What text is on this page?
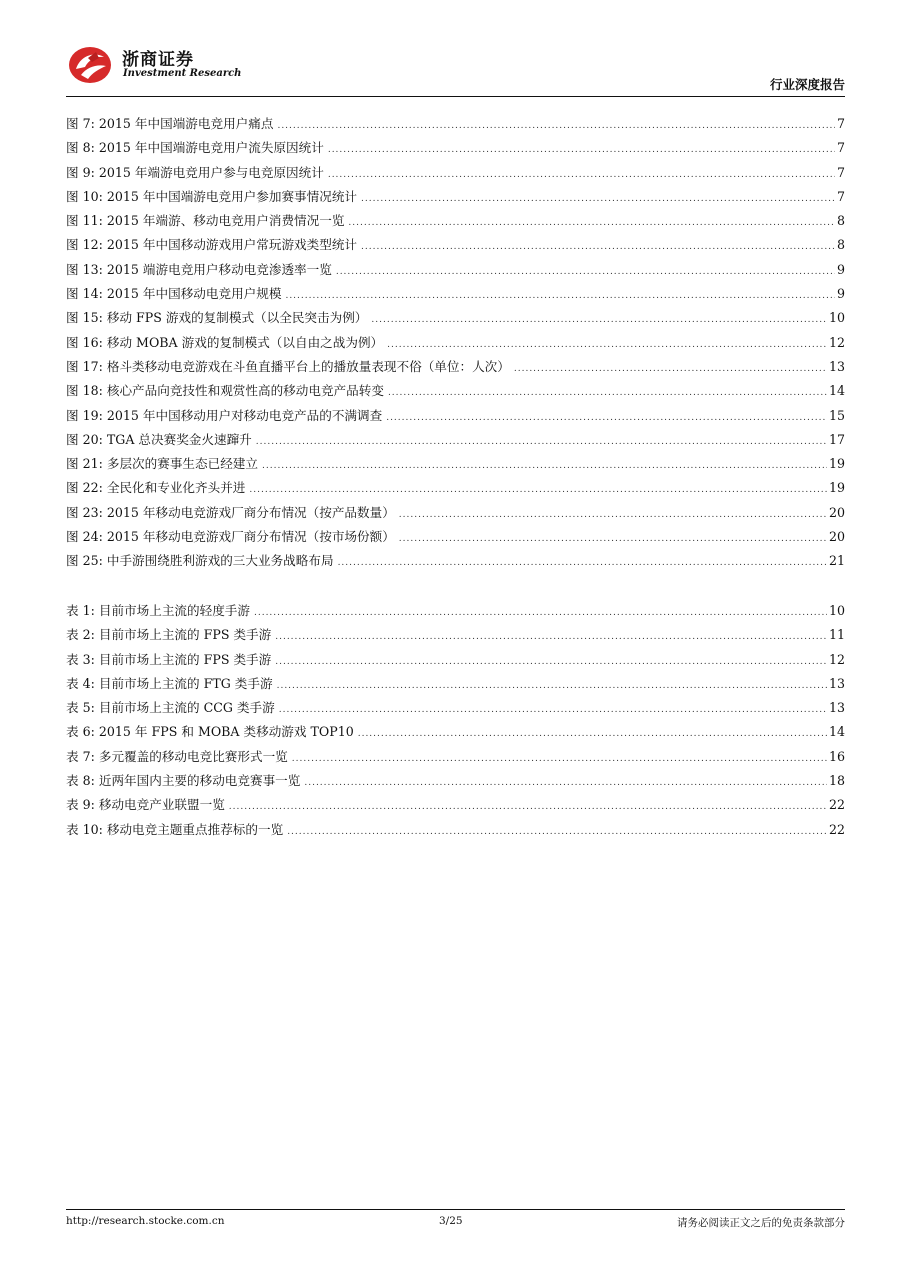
浙商证券
Investment Research
行业深度报告
图 7: 2015 年中国端游电竞用户痛点 .....	7
图 8: 2015 年中国端游电竞用户流失原因统计 .....	7
图 9: 2015 年端游电竞用户参与电竞原因统计 .....	7
图 10: 2015 年中国端游电竞用户参加赛事情况统计 .....	7
图 11: 2015 年端游、移动电竞用户消费情况一览 .....	8
图 12: 2015 年中国移动游戏用户常玩游戏类型统计 .....	8
图 13: 2015 端游电竞用户移动电竞渗透率一览 .....	9
图 14: 2015 年中国移动电竞用户规模 .....	9
图 15: 移动 FPS 游戏的复制模式（以全民突击为例） .....	10
图 16: 移动 MOBA 游戏的复制模式（以自由之战为例） .....	12
图 17: 格斗类移动电竞游戏在斗鱼直播平台上的播放量表现不俗（单位：人次） .....	13
图 18: 核心产品向竞技性和观赏性高的移动电竞产品转变 .....	14
图 19: 2015 年中国移动用户对移动电竞产品的不满调查 .....	15
图 20: TGA 总决赛奖金火速蹿升 .....	17
图 21: 多层次的赛事生态已经建立 .....	19
图 22: 全民化和专业化齐头并进 .....	19
图 23: 2015 年移动电竞游戏厂商分布情况（按产品数量） .....	20
图 24: 2015 年移动电竞游戏厂商分布情况（按市场份额） .....	20
图 25: 中手游围绕胜利游戏的三大业务战略布局 .....	21
表 1: 目前市场上主流的轻度手游 .....	10
表 2: 目前市场上主流的 FPS 类手游 .....	11
表 3: 目前市场上主流的 FPS 类手游 .....	12
表 4: 目前市场上主流的 FTG 类手游 .....	13
表 5: 目前市场上主流的 CCG 类手游 .....	13
表 6: 2015 年 FPS 和 MOBA 类移动游戏 TOP10 .....	14
表 7: 多元覆盖的移动电竞比赛形式一览 .....	16
表 8: 近两年国内主要的移动电竞赛事一览 .....	18
表 9: 移动电竞产业联盟一览 .....	22
表 10: 移动电竞主题重点推荐标的一览 .....	22
http://research.stocke.com.cn	3/25	请务必阅读正文之后的免责条款部分
